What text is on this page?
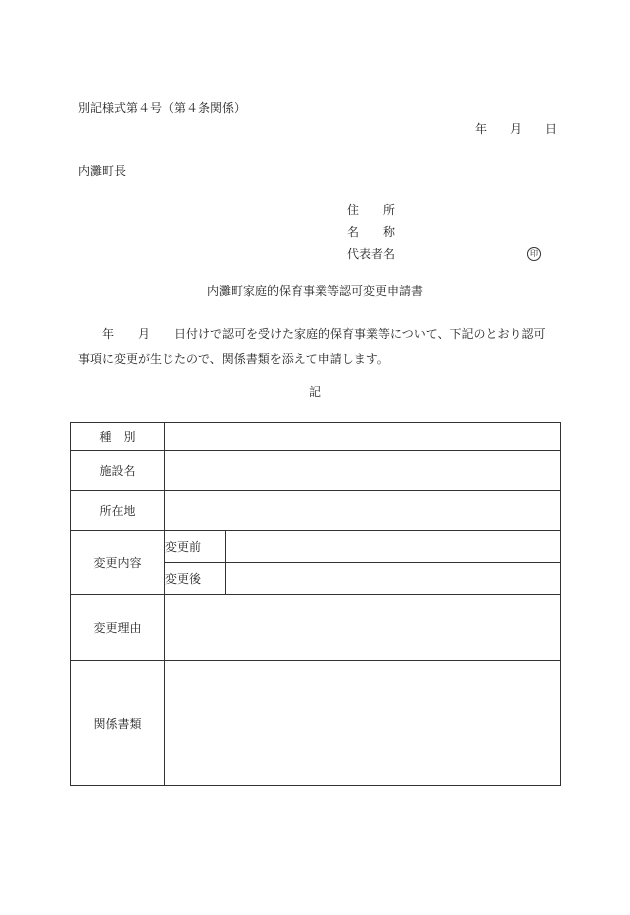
別記様式第４号（第４条関係）
年 月 日
内灘町長
住　　所
名　　称
代表者名	印
内灘町家庭的保育事業等認可変更申請書
　　年　　月　　日付けで認可を受けた家庭的保育事業等について、下記のとおり認可
事項に変更が生じたので、関係書類を添えて申請します。
記
種　別		
施設名		
所在地		
変更内容	変更前	
	変更後	
変更理由		
関係書類		
